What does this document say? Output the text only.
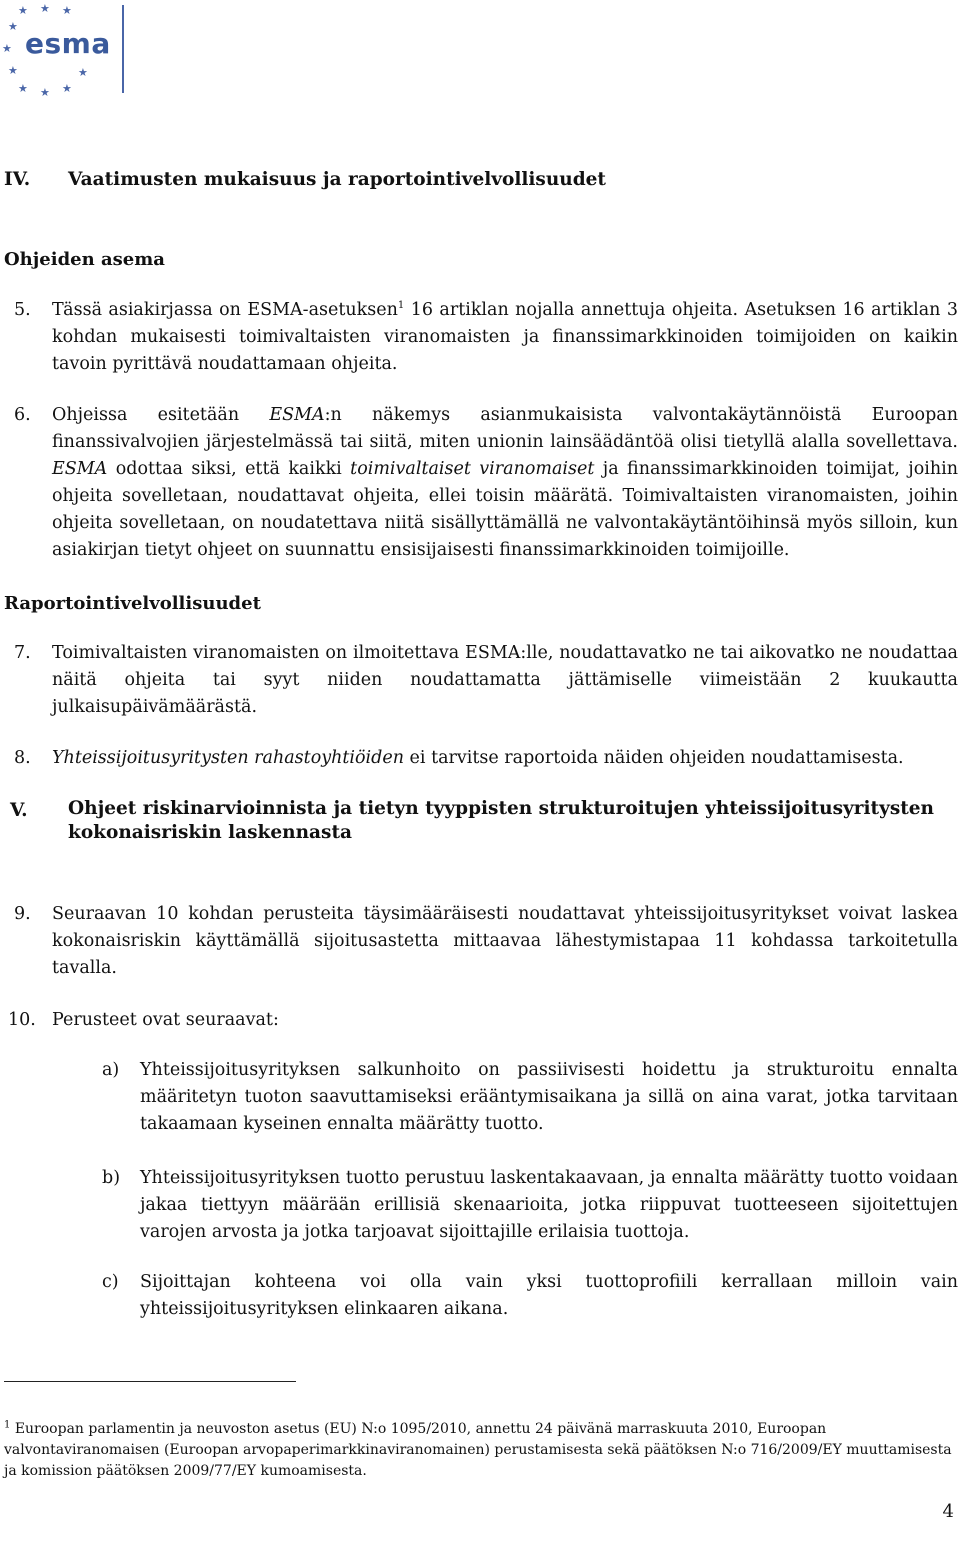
★ ★ ★
★
★
★
★ ★ ★
★
esma
IV. Vaatimusten mukaisuus ja raportointivelvollisuudet
Ohjeiden asema
5. Tässä asiakirjassa on ESMA-asetuksen$^1$ 16 artiklan nojalla annettuja ohjeita. Asetuksen 16 artiklan 3 kohdan mukaisesti toimivaltaisten viranomaisten ja finanssimarkkinoiden toimijoiden on kaikin tavoin pyrittävä noudattamaan ohjeita.
6. Ohjeissa esitetään ESMA:n näkemys asianmukaisista valvontakäytännöistä Euroopan finanssivalvojien järjestelmässä tai siitä, miten unionin lainsäädäntöä olisi tietyllä alalla sovellettava. ESMA odottaa siksi, että kaikki toimivaltaiset viranomaiset ja finanssimarkkinoiden toimijat, joihin ohjeita sovelletaan, noudattavat ohjeita, ellei toisin määrätä. Toimivaltaisten viranomaisten, joihin ohjeita sovelletaan, on noudatettava niitä sisällyttämällä ne valvontakäytäntöihinsä myös silloin, kun asiakirjan tietyt ohjeet on suunnattu ensisijaisesti finanssimarkkinoiden toimijoille.
Raportointivelvollisuudet
7. Toimivaltaisten viranomaisten on ilmoitettava ESMA:lle, noudattavatko ne tai aikovatko ne noudattaa näitä ohjeita tai syyt niiden noudattamatta jättämiselle viimeistään 2 kuukautta julkaisupäivämäärästä.
8. Yhteissijoitusyritysten rahastoyhtiöiden ei tarvitse raportoida näiden ohjeiden noudattamisesta.
V. Ohjeet riskinarvioinnista ja tietyn tyyppisten strukturoitujen yhteissijoitusyritysten kokonaisriskin laskennasta
9. Seuraavan 10 kohdan perusteita täysimääräisesti noudattavat yhteissijoitusyritykset voivat laskea kokonaisriskin käyttämällä sijoitusastetta mittaavaa lähestymistapaa 11 kohdassa tarkoitetulla tavalla.
10. Perusteet ovat seuraavat:
a) Yhteissijoitusyrityksen salkunhoito on passiivisesti hoidettu ja strukturoitu ennalta määritetyn tuoton saavuttamiseksi erääntymisaikana ja sillä on aina varat, jotka tarvitaan takaamaan kyseinen ennalta määrätty tuotto.
b) Yhteissijoitusyrityksen tuotto perustuu laskentakaavaan, ja ennalta määrätty tuotto voidaan jakaa tiettyyn määrään erillisiä skenaarioita, jotka riippuvat tuotteeseen sijoitettujen varojen arvosta ja jotka tarjoavat sijoittajille erilaisia tuottoja.
c) Sijoittajan kohteena voi olla vain yksi tuottoprofiili kerrallaan milloin vain yhteissijoitusyrityksen elinkaaren aikana.
$^1$ Euroopan parlamentin ja neuvoston asetus (EU) N:o 1095/2010, annettu 24 päivänä marraskuuta 2010, Euroopan valvontaviranomaisen (Euroopan arvopaperimarkkinaviranomainen) perustamisesta sekä päätöksen N:o 716/2009/EY muuttamisesta ja komission päätöksen 2009/77/EY kumoamisesta.
4
